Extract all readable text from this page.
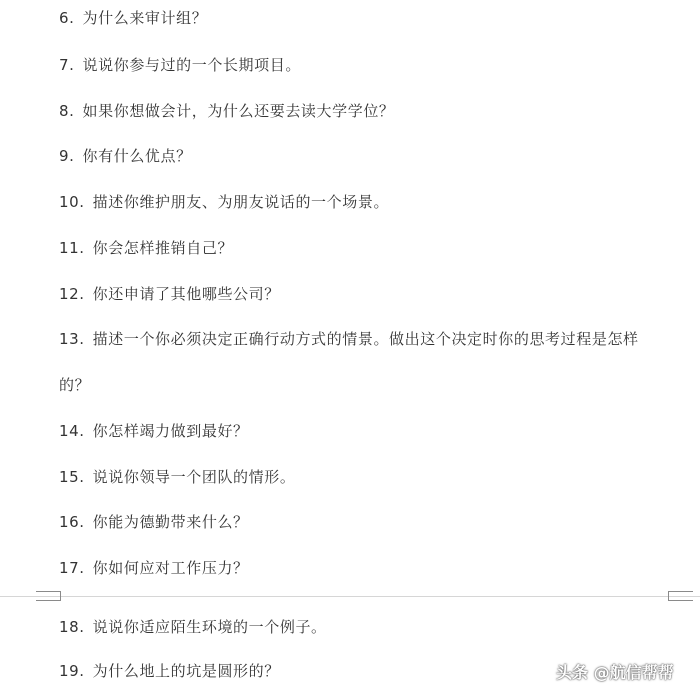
6. 为什么来审计组？
7. 说说你参与过的一个长期项目。
8. 如果你想做会计，为什么还要去读大学学位？
9. 你有什么优点？
10. 描述你维护朋友、为朋友说话的一个场景。
11. 你会怎样推销自己？
12. 你还申请了其他哪些公司？
13. 描述一个你必须决定正确行动方式的情景。做出这个决定时你的思考过程是怎样
的？
14. 你怎样竭力做到最好？
15. 说说你领导一个团队的情形。
16. 你能为德勤带来什么？
17. 你如何应对工作压力？
18. 说说你适应陌生环境的一个例子。
19. 为什么地上的坑是圆形的？	头条 @航信帮帮
